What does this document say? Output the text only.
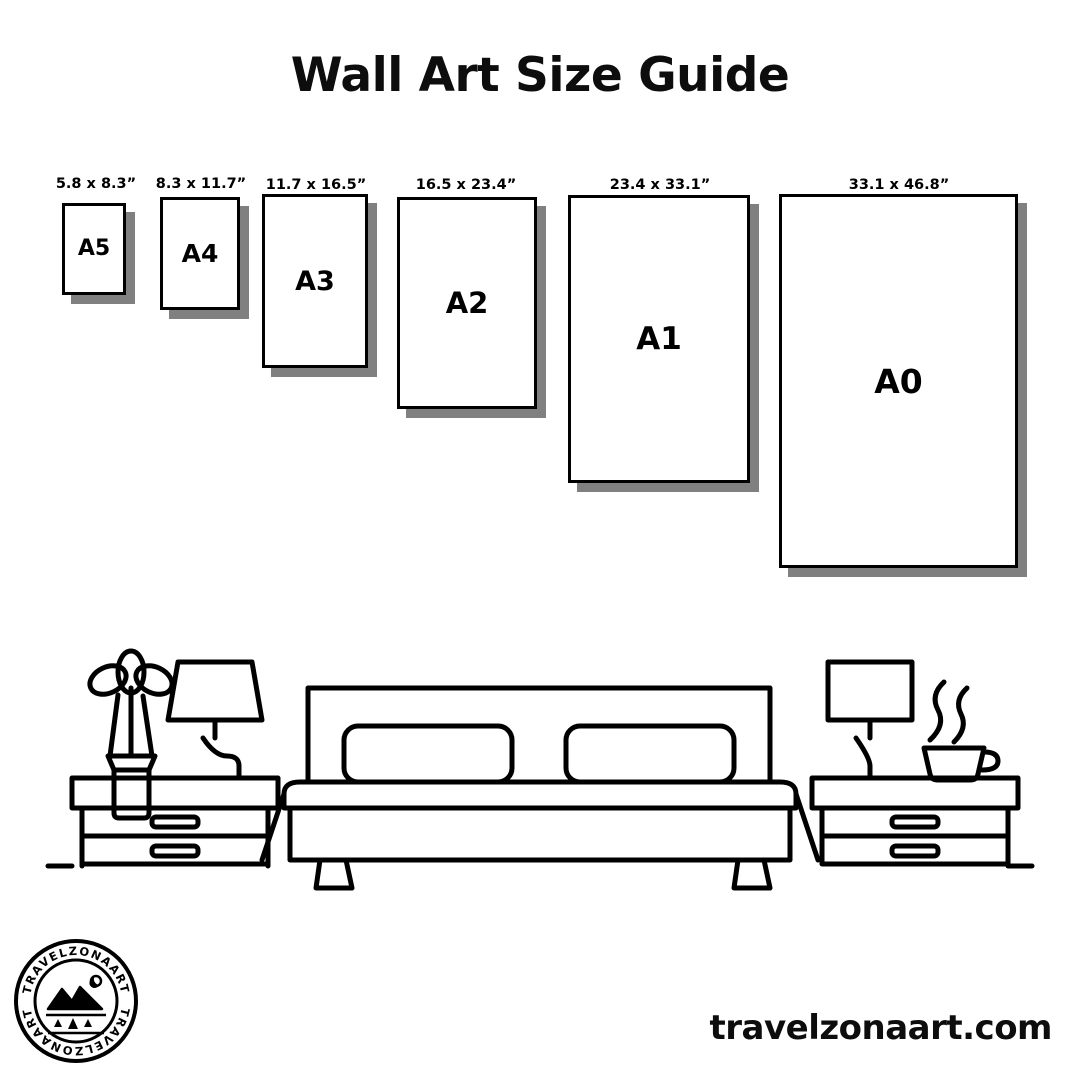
Wall Art Size Guide
A5
5.8 x 8.3”
A4
8.3 x 11.7”
A3
11.7 x 16.5”
A2
16.5 x 23.4”
A1
23.4 x 33.1”
A0
33.1 x 46.8”
TRAVELZONAART
TRAVELZONAART	travelzonaart.com
